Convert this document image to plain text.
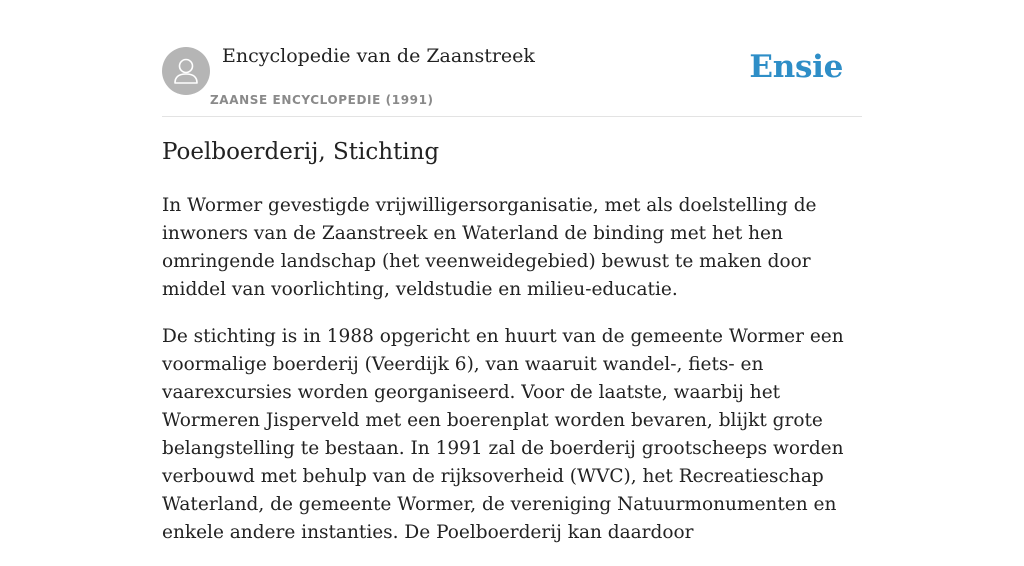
Encyclopedie van de Zaanstreek
ZAANSE ENCYCLOPEDIE (1991)
Ensie
Poelboerderij, Stichting

In Wormer gevestigde vrijwilligersorganisatie, met als doelstelling de inwoners van de Zaanstreek en Waterland de binding met het hen omringende landschap (het veenweidegebied) bewust te maken door middel van voorlichting, veldstudie en milieu-educatie.

De stichting is in 1988 opgericht en huurt van de gemeente Wormer een voormalige boerderij (Veerdijk 6), van waaruit wandel-, fiets- en vaarexcursies worden georganiseerd. Voor de laatste, waarbij het Wormeren Jisperveld met een boerenplat worden bevaren, blijkt grote belangstelling te bestaan. In 1991 zal de boerderij grootscheeps worden verbouwd met behulp van de rijksoverheid (WVC), het Recreatieschap Waterland, de gemeente Wormer, de vereniging Natuurmonumenten en enkele andere instanties. De Poelboerderij kan daardoor
